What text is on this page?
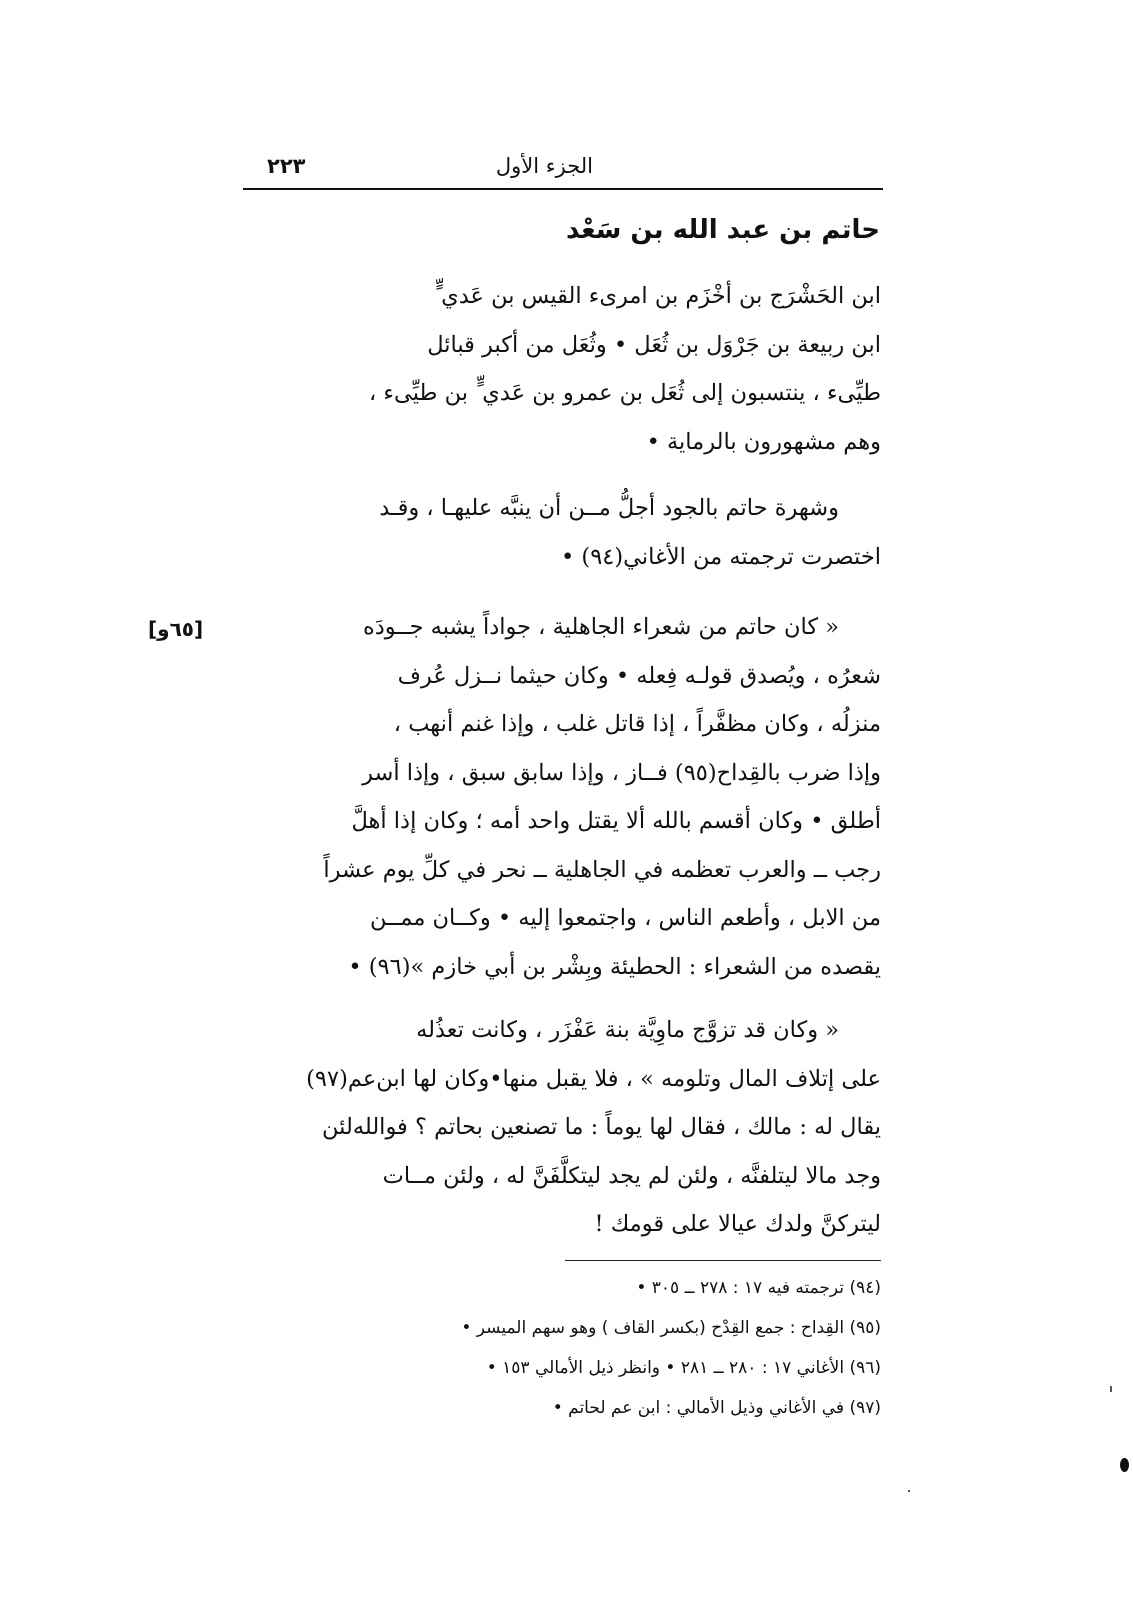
الجزء الأول
٢٢٣
حاتم بن عبد الله بن سَعْد
[٦٥و]
ابن الحَشْرَج بن أخْزَم بن امرىء القيس بن عَدي ٍّ
ابن ربيعة بن جَرْوَل بن ثُعَل • وثُعَل من أكبر قبائل
طيِّىء ، ينتسبون إلى ثُعَل بن عمرو بن عَدي ٍّ بن طيِّىء ،
وهم مشهورون بالرماية •
وشهرة حاتم بالجود أجلُّ مــن أن ينبَّه عليهـا ، وقـد
اختصرت ترجمته من الأغاني(٩٤) •
« كان حاتم من شعراء الجاهلية ، جواداً يشبه جــودَه
شعرُه ، ويُصدق قولـه فِعله • وكان حيثما نــزل عُرف
منزلُه ، وكان مظفَّراً ، إذا قاتل غلب ، وإذا غنم أنهب ،
وإذا ضرب بالقِداح(٩٥) فــاز ، وإذا سابق سبق ، وإذا أسر
أطلق • وكان أقسم بالله ألا يقتل واحد أمه ؛ وكان إذا أهلَّ
رجب ــ والعرب تعظمه في الجاهلية ــ نحر في كلِّ يوم عشراً
من الابل ، وأطعم الناس ، واجتمعوا إليه • وكــان ممــن
يقصده من الشعراء : الحطيئة وبِشْر بن أبي خازم »(٩٦) •
« وكان قد تزوَّج ماوِيَّة بنة عَفْزَر ، وكانت تعذُله
على إتلاف المال وتلومه » ، فلا يقبل منها•وكان لها ابن‌عم(٩٧)
يقال له : مالك ، فقال لها يوماً : ما تصنعين بحاتم ؟ فوالله‌لئن
وجد مالا ليتلفنَّه ، ولئن لم يجد ليتكلَّفَنَّ له ، ولئن مــات
ليتركنَّ ولدك عيالا على قومك !
(٩٤) ترجمته فيه ١٧ : ٢٧٨ ــ ٣٠٥ •
(٩٥) القِداح : جمع القِدْح (بكسر القاف ) وهو سهم الميسر •
(٩٦) الأغاني ١٧ : ٢٨٠ ــ ٢٨١ • وانظر ذيل الأمالي ١٥٣ •
(٩٧) في الأغاني وذيل الأمالي : ابن عم لحاتم •
